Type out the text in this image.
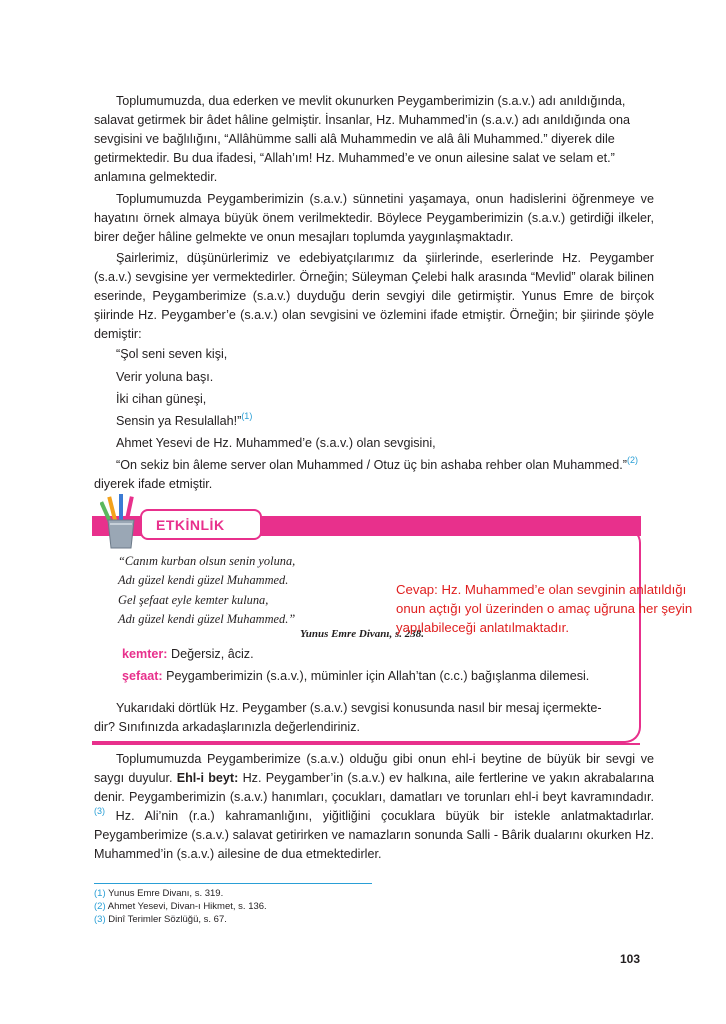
Toplumumuzda, dua ederken ve mevlit okunurken Peygamberimizin (s.a.v.) adı anıldığında,
salavat getirmek bir âdet hâline gelmiştir. İnsanlar, Hz. Muhammed’in (s.a.v.) adı anıldığında ona
sevgisini ve bağlılığını, “Allâhümme salli alâ Muhammedin ve alâ âli Muhammed.” diyerek dile
getirmektedir. Bu dua ifadesi, “Allah’ım! Hz. Muhammed’e ve onun ailesine salat ve selam et.”
anlamına gelmektedir.

Toplumumuzda Peygamberimizin (s.a.v.) sünnetini yaşamaya, onun hadislerini öğrenmeye ve hayatını örnek almaya büyük önem verilmektedir. Böylece Peygamberimizin (s.a.v.) getirdiği ilkeler, birer değer hâline gelmekte ve onun mesajları toplumda yaygınlaşmaktadır.

Şairlerimiz, düşünürlerimiz ve edebiyatçılarımız da şiirlerinde, eserlerinde Hz. Peygamber (s.a.v.) sevgisine yer vermektedirler. Örneğin; Süleyman Çelebi halk arasında “Mevlid” olarak bilinen eserinde, Peygamberimize (s.a.v.) duyduğu derin sevgiyi dile getirmiştir. Yunus Emre de birçok şiirinde Hz. Peygamber’e (s.a.v.) olan sevgisini ve özlemini ifade etmiştir. Örneğin; bir şiirinde şöyle demiştir:

“Şol seni seven kişi,
Verir yoluna başı.
İki cihan güneşi,
Sensin ya Resulallah!”$^{(1)}$
Ahmet Yesevi de Hz. Muhammed’e (s.a.v.) olan sevgisini,
“On sekiz bin âleme server olan Muhammed / Otuz üç bin ashaba rehber olan Muhammed.”$^{(2)}$
diyerek ifade etmiştir.
ETKİNLİK
“Canım kurban olsun senin yoluna,
Adı güzel kendi güzel Muhammed.
Gel şefaat eyle kemter kuluna,
Adı güzel kendi güzel Muhammed.”
Yunus Emre Divanı, s. 238.
Cevap: Hz. Muhammed’e olan sevginin anlatıldığı
onun açtığı yol üzerinden o amaç uğruna her şeyin
yapılabileceği anlatılmaktadır.
kemter: Değersiz, âciz.
şefaat: Peygamberimizin (s.a.v.), müminler için Allah’tan (c.c.) bağışlanma dilemesi.
Yukarıdaki dörtlük Hz. Peygamber (s.a.v.) sevgisi konusunda nasıl bir mesaj içermekte-
dir? Sınıfınızda arkadaşlarınızla değerlendiriniz.

Toplumumuzda Peygamberimize (s.a.v.) olduğu gibi onun ehl-i beytine de büyük bir sevgi ve saygı duyulur. Ehl-i beyt: Hz. Peygamber’in (s.a.v.) ev halkına, aile fertlerine ve yakın akrabalarına denir. Peygamberimizin (s.a.v.) hanımları, çocukları, damatları ve torunları ehl-i beyt kavramındadır.$^{(3)}$ Hz. Ali’nin (r.a.) kahramanlığını, yiğitliğini çocuklara büyük bir istekle anlatmaktadırlar. Peygamberimize (s.a.v.) salavat getirirken ve namazların sonunda Salli - Bârik dualarını okurken Hz. Muhammed’in (s.a.v.) ailesine de dua etmektedirler.

(1) Yunus Emre Divanı, s. 319.
(2) Ahmet Yesevi, Divan-ı Hikmet, s. 136.
(3) Dinî Terimler Sözlüğü, s. 67.
103
